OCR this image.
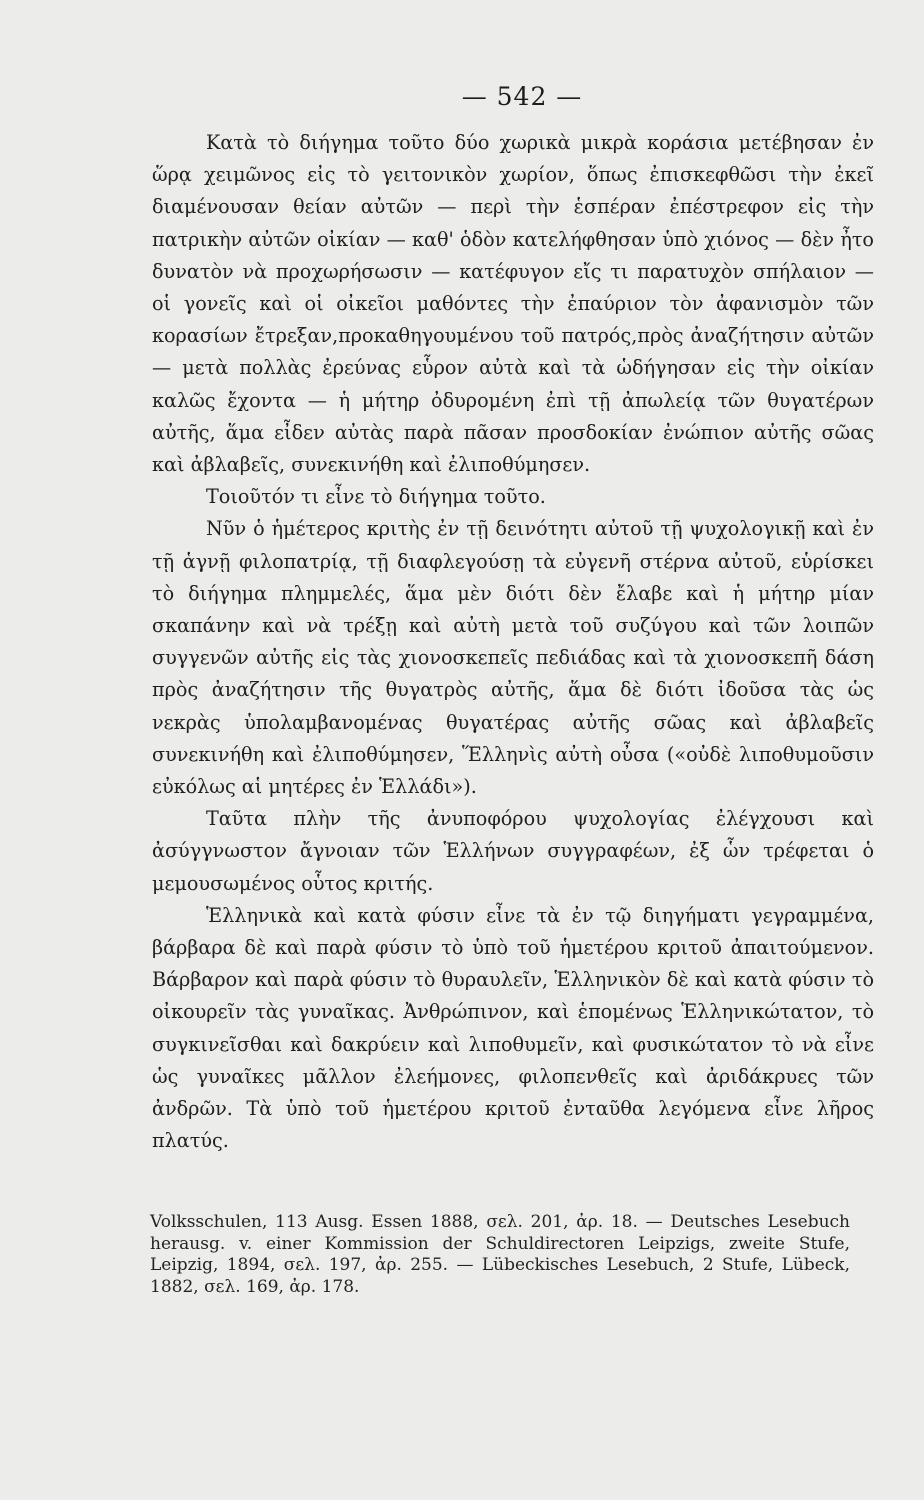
— 542 —

Κατὰ τὸ διήγημα τοῦτο δύο χωρικὰ μικρὰ κοράσια μετέβησαν ἐν ὥρᾳ χειμῶνος εἰς τὸ γειτονικὸν χωρίον, ὅπως ἐπισκεφθῶσι τὴν ἐκεῖ διαμένουσαν θείαν αὐτῶν — περὶ τὴν ἑσπέραν ἐπέστρεφον εἰς τὴν πατρικὴν αὐτῶν οἰκίαν — καθ' ὁδὸν κατελήφθησαν ὑπὸ χιόνος — δὲν ἦτο δυνατὸν νὰ προχωρήσωσιν — κατέφυγον εἴς τι παρατυχὸν σπήλαιον — οἱ γονεῖς καὶ οἱ οἰκεῖοι μαθόντες τὴν ἐπαύριον τὸν ἀφανισμὸν τῶν κορασίων ἔτρεξαν,προκαθηγουμένου τοῦ πατρός,πρὸς ἀναζήτησιν αὐτῶν — μετὰ πολλὰς ἐρεύνας εὗρον αὐτὰ καὶ τὰ ὡδήγησαν εἰς τὴν οἰκίαν καλῶς ἔχοντα — ἡ μήτηρ ὀδυρομένη ἐπὶ τῇ ἀπωλείᾳ τῶν θυγατέρων αὐτῆς, ἅμα εἶδεν αὐτὰς παρὰ πᾶσαν προσδοκίαν ἐνώπιον αὐτῆς σῶας καὶ ἀβλαβεῖς, συνεκινήθη καὶ ἐλιποθύμησεν.

Τοιοῦτόν τι εἶνε τὸ διήγημα τοῦτο.

Νῦν ὁ ἡμέτερος κριτὴς ἐν τῇ δεινότητι αὐτοῦ τῇ ψυχολογικῇ καὶ ἐν τῇ ἁγνῇ φιλοπατρίᾳ, τῇ διαφλεγούσῃ τὰ εὐγενῆ στέρνα αὐτοῦ, εὑρίσκει τὸ διήγημα πλημμελές, ἅμα μὲν διότι δὲν ἔλαβε καὶ ἡ μήτηρ μίαν σκαπάνην καὶ νὰ τρέξῃ καὶ αὐτὴ μετὰ τοῦ συζύγου καὶ τῶν λοιπῶν συγγενῶν αὐτῆς εἰς τὰς χιονοσκεπεῖς πεδιάδας καὶ τὰ χιονοσκεπῆ δάση πρὸς ἀναζήτησιν τῆς θυγατρὸς αὐτῆς, ἅμα δὲ διότι ἰδοῦσα τὰς ὡς νεκρὰς ὑπολαμβανομένας θυγατέρας αὐτῆς σῶας καὶ ἀβλαβεῖς συνεκινήθη καὶ ἐλιποθύμησεν, Ἕλληνὶς αὐτὴ οὖσα («οὐδὲ λιποθυμοῦσιν εὐκόλως αἱ μητέρες ἐν Ἑλλάδι»).

Ταῦτα πλὴν τῆς ἀνυποφόρου ψυχολογίας ἐλέγχουσι καὶ ἀσύγγνωστον ἄγνοιαν τῶν Ἑλλήνων συγγραφέων, ἐξ ὧν τρέφεται ὁ μεμουσωμένος οὗτος κριτής.

Ἑλληνικὰ καὶ κατὰ φύσιν εἶνε τὰ ἐν τῷ διηγήματι γεγραμμένα, βάρβαρα δὲ καὶ παρὰ φύσιν τὸ ὑπὸ τοῦ ἡμετέρου κριτοῦ ἀπαιτούμενον. Βάρβαρον καὶ παρὰ φύσιν τὸ θυραυλεῖν, Ἑλληνικὸν δὲ καὶ κατὰ φύσιν τὸ οἰκουρεῖν τὰς γυναῖκας. Ἀνθρώπινον, καὶ ἑπομένως Ἑλληνικώτατον, τὸ συγκινεῖσθαι καὶ δακρύειν καὶ λιποθυμεῖν, καὶ φυσικώτατον τὸ νὰ εἶνε ὡς γυναῖκες μᾶλλον ἐλεήμονες, φιλοπενθεῖς καὶ ἀριδάκρυες τῶν ἀνδρῶν. Τὰ ὑπὸ τοῦ ἡμετέρου κριτοῦ ἐνταῦθα λεγόμενα εἶνε λῆρος πλατύς.

Volksschulen, 113 Ausg. Essen 1888, σελ. 201, ἀρ. 18. — Deutsches Lesebuch herausg. v. einer Kommission der Schuldirectoren Leipzigs, zweite Stufe, Leipzig, 1894, σελ. 197, ἀρ. 255. — Lübeckisches Lesebuch, 2 Stufe, Lübeck, 1882, σελ. 169, ἀρ. 178.
